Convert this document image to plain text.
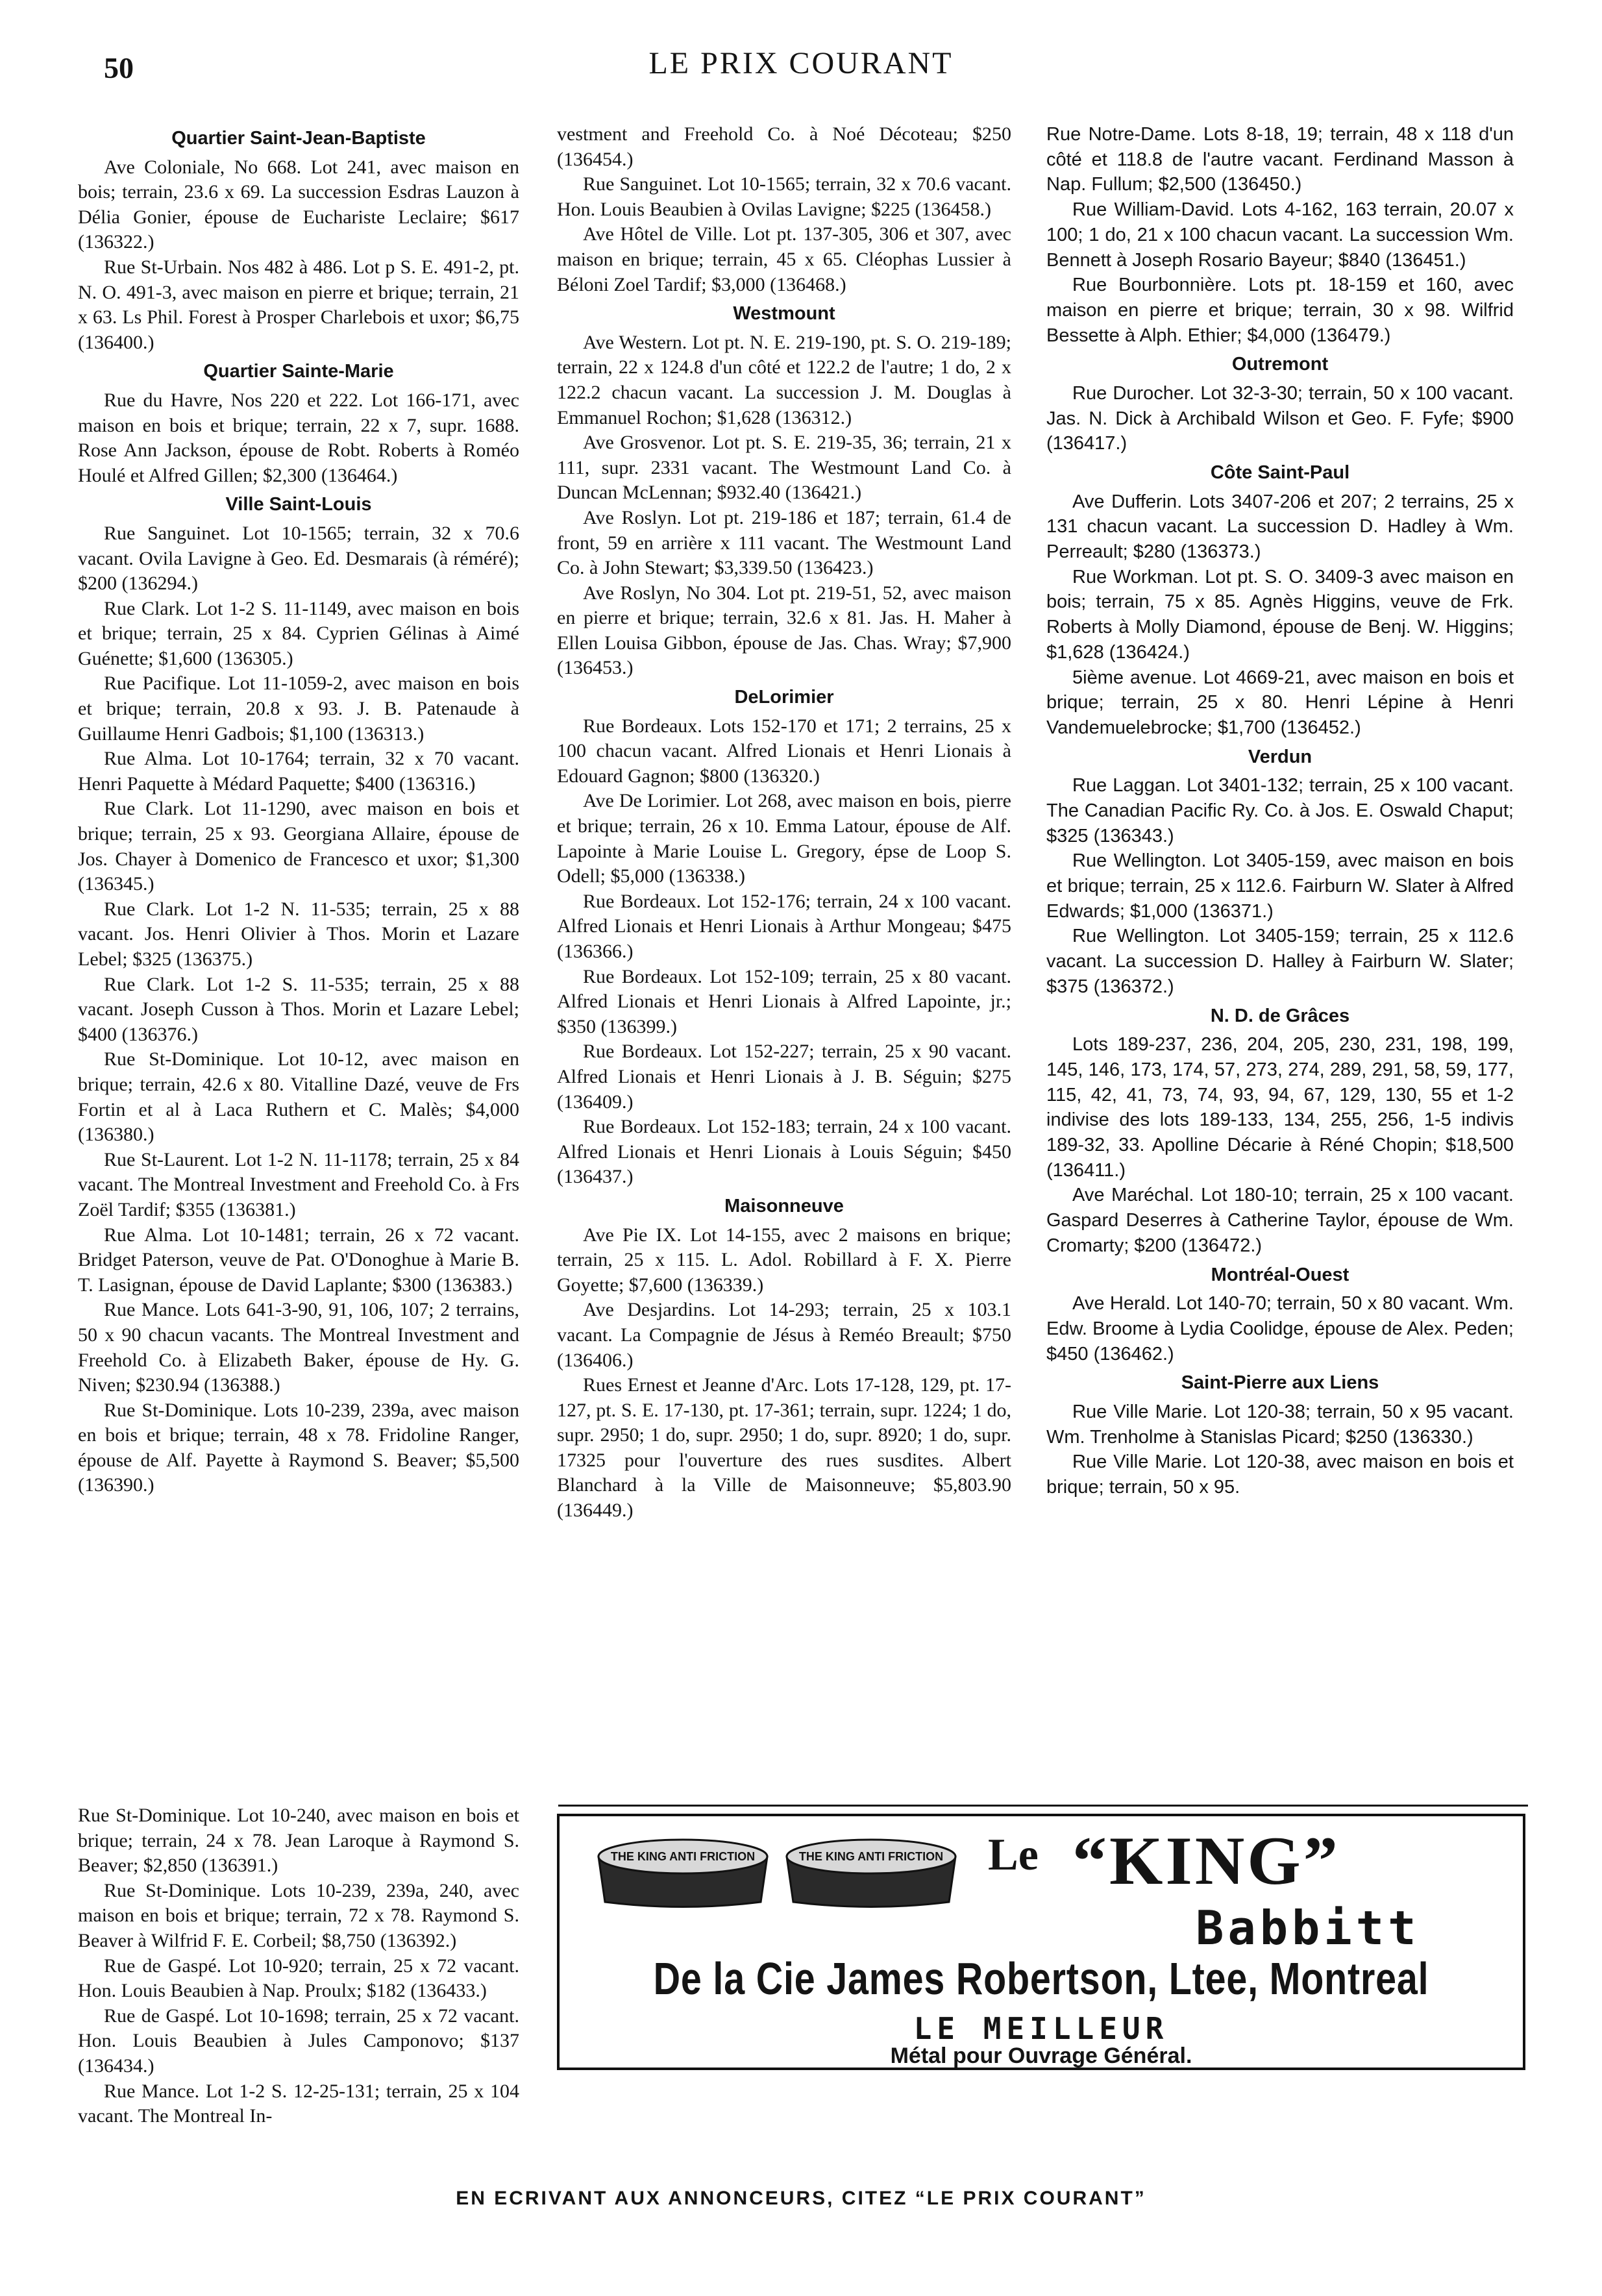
50	LE PRIX COURANT
Quartier Saint-Jean-Baptiste

Ave Coloniale, No 668. Lot 241, avec maison en bois; terrain, 23.6 x 69. La succession Esdras Lauzon à Délia Gonier, épouse de Eucharistе Leclaire; $617 (136322.)

Rue St-Urbain. Nos 482 à 486. Lot p S. E. 491-2, pt. N. O. 491-3, avec maison en pierre et brique; terrain, 21 x 63. Ls Phil. Forest à Prosper Charlebois et uxor; $6,75 (136400.)

Quartier Sainte-Marie

Rue du Havre, Nos 220 et 222. Lot 166-171, avec maison en bois et brique; terrain, 22 x 7, supr. 1688. Rose Ann Jackson, épouse de Robt. Roberts à Roméo Houlé et Alfred Gillen; $2,300 (136464.)

Ville Saint-Louis

Rue Sanguinet. Lot 10-1565; terrain, 32 x 70.6 vacant. Ovila Lavigne à Geo. Ed. Desmarais (à réméré); $200 (136294.)

Rue Clark. Lot 1-2 S. 11-1149, avec maison en bois et brique; terrain, 25 x 84. Cyprien Gélinas à Aimé Guénette; $1,600 (136305.)

Rue Pacifique. Lot 11-1059-2, avec maison en bois et brique; terrain, 20.8 x 93. J. B. Patenaude à Guillaume Henri Gadbois; $1,100 (136313.)

Rue Alma. Lot 10-1764; terrain, 32 x 70 vacant. Henri Paquette à Médard Paquette; $400 (136316.)

Rue Clark. Lot 11-1290, avec maison en bois et brique; terrain, 25 x 93. Georgiana Allaire, épouse de Jos. Chayer à Domenico de Francesco et uxor; $1,300 (136345.)

Rue Clark. Lot 1-2 N. 11-535; terrain, 25 x 88 vacant. Jos. Henri Olivier à Thos. Morin et Lazare Lebel; $325 (136375.)

Rue Clark. Lot 1-2 S. 11-535; terrain, 25 x 88 vacant. Joseph Cusson à Thos. Morin et Lazare Lebel; $400 (136376.)

Rue St-Dominique. Lot 10-12, avec maison en brique; terrain, 42.6 x 80. Vitalline Dazé, veuve de Frs Fortin et al à Laca Ruthern et C. Malès; $4,000 (136380.)

Rue St-Laurent. Lot 1-2 N. 11-1178; terrain, 25 x 84 vacant. The Montreal Investment and Freehold Co. à Frs Zoël Tardif; $355 (136381.)

Rue Alma. Lot 10-1481; terrain, 26 x 72 vacant. Bridget Paterson, veuve de Pat. O'Donoghue à Marie B. T. Lasignan, épouse de David Laplante; $300 (136383.)

Rue Mance. Lots 641-3-90, 91, 106, 107; 2 terrains, 50 x 90 chacun vacants. The Montreal Investment and Freehold Co. à Elizabeth Baker, épouse de Hy. G. Niven; $230.94 (136388.)

Rue St-Dominique. Lots 10-239, 239a, avec maison en bois et brique; terrain, 48 x 78. Fridoline Ranger, épouse de Alf. Payette à Raymond S. Beaver; $5,500 (136390.)

vestment and Freehold Co. à Noé Décoteau; $250 (136454.)

Rue Sanguinet. Lot 10-1565; terrain, 32 x 70.6 vacant. Hon. Louis Beaubien à Ovilas Lavigne; $225 (136458.)

Ave Hôtel de Ville. Lot pt. 137-305, 306 et 307, avec maison en brique; terrain, 45 x 65. Cléophas Lussier à Béloni Zoel Tardif; $3,000 (136468.)

Westmount

Ave Western. Lot pt. N. E. 219-190, pt. S. O. 219-189; terrain, 22 x 124.8 d'un côté et 122.2 de l'autre; 1 do, 2 x 122.2 chacun vacant. La succession J. M. Douglas à Emmanuel Rochon; $1,628 (136312.)

Ave Grosvenor. Lot pt. S. E. 219-35, 36; terrain, 21 x 111, supr. 2331 vacant. The Westmount Land Co. à Duncan McLennan; $932.40 (136421.)

Ave Roslyn. Lot pt. 219-186 et 187; terrain, 61.4 de front, 59 en arrière x 111 vacant. The Westmount Land Co. à John Stewart; $3,339.50 (136423.)

Ave Roslyn, No 304. Lot pt. 219-51, 52, avec maison en pierre et brique; terrain, 32.6 x 81. Jas. H. Maher à Ellen Louisa Gibbon, épouse de Jas. Chas. Wray; $7,900 (136453.)

DeLorimier

Rue Bordeaux. Lots 152-170 et 171; 2 terrains, 25 x 100 chacun vacant. Alfred Lionais et Henri Lionais à Edouard Gagnon; $800 (136320.)

Ave De Lorimier. Lot 268, avec maison en bois, pierre et brique; terrain, 26 x 10. Emma Latour, épouse de Alf. Lapointe à Marie Louise L. Gregory, épse de Loop S. Odell; $5,000 (136338.)

Rue Bordeaux. Lot 152-176; terrain, 24 x 100 vacant. Alfred Lionais et Henri Lionais à Arthur Mongeau; $475 (136366.)

Rue Bordeaux. Lot 152-109; terrain, 25 x 80 vacant. Alfred Lionais et Henri Lionais à Alfred Lapointe, jr.; $350 (136399.)

Rue Bordeaux. Lot 152-227; terrain, 25 x 90 vacant. Alfred Lionais et Henri Lionais à J. B. Séguin; $275 (136409.)

Rue Bordeaux. Lot 152-183; terrain, 24 x 100 vacant. Alfred Lionais et Henri Lionais à Louis Séguin; $450 (136437.)

Maisonneuve

Ave Pie IX. Lot 14-155, avec 2 maisons en brique; terrain, 25 x 115. L. Adol. Robillard à F. X. Pierre Goyette; $7,600 (136339.)

Ave Desjardins. Lot 14-293; terrain, 25 x 103.1 vacant. La Compagnie de Jésus à Reméo Breault; $750 (136406.)

Rues Ernest et Jeanne d'Arc. Lots 17-128, 129, pt. 17-127, pt. S. E. 17-130, pt. 17-361; terrain, supr. 1224; 1 do, supr. 2950; 1 do, supr. 2950; 1 do, supr. 8920; 1 do, supr. 17325 pour l'ouverture des rues susdites. Albert Blanchard à la Ville de Maisonneuve; $5,803.90 (136449.)

Rue Notre-Dame. Lots 8-18, 19; terrain, 48 x 118 d'un côté et 118.8 de l'autre vacant. Ferdinand Masson à Nap. Fullum; $2,500 (136450.)

Rue William-David. Lots 4-162, 163 terrain, 20.07 x 100; 1 do, 21 x 100 chacun vacant. La succession Wm. Bennett à Joseph Rosario Bayeur; $840 (136451.)

Rue Bourbonnière. Lots pt. 18-159 et 160, avec maison en pierre et brique; terrain, 30 x 98. Wilfrid Bessette à Alph. Ethier; $4,000 (136479.)

Outremont

Rue Durocher. Lot 32-3-30; terrain, 50 x 100 vacant. Jas. N. Dick à Archibald Wilson et Geo. F. Fyfe; $900 (136417.)

Côte Saint-Paul

Ave Dufferin. Lots 3407-206 et 207; 2 terrains, 25 x 131 chacun vacant. La succession D. Hadley à Wm. Perreault; $280 (136373.)

Rue Workman. Lot pt. S. O. 3409-3 avec maison en bois; terrain, 75 x 85. Agnès Higgins, veuve de Frk. Roberts à Molly Diamond, épouse de Benj. W. Higgins; $1,628 (136424.)

5ième avenue. Lot 4669-21, avec maison en bois et brique; terrain, 25 x 80. Henri Lépine à Henri Vandemuelebrocke; $1,700 (136452.)

Verdun

Rue Laggan. Lot 3401-132; terrain, 25 x 100 vacant. The Canadian Pacific Ry. Co. à Jos. E. Oswald Chaput; $325 (136343.)

Rue Wellington. Lot 3405-159, avec maison en bois et brique; terrain, 25 x 112.6. Fairburn W. Slater à Alfred Edwards; $1,000 (136371.)

Rue Wellington. Lot 3405-159; terrain, 25 x 112.6 vacant. La succession D. Halley à Fairburn W. Slater; $375 (136372.)

N. D. de Grâces

Lots 189-237, 236, 204, 205, 230, 231, 198, 199, 145, 146, 173, 174, 57, 273, 274, 289, 291, 58, 59, 177, 115, 42, 41, 73, 74, 93, 94, 67, 129, 130, 55 et 1-2 indivise des lots 189-133, 134, 255, 256, 1-5 indivis 189-32, 33. Apolline Décarie à Réné Chopin; $18,500 (136411.)

Ave Maréchal. Lot 180-10; terrain, 25 x 100 vacant. Gaspard Deserres à Catherine Taylor, épouse de Wm. Cromarty; $200 (136472.)

Montréal-Ouest

Ave Herald. Lot 140-70; terrain, 50 x 80 vacant. Wm. Edw. Broome à Lydia Coolidge, épouse de Alex. Peden; $450 (136462.)

Saint-Pierre aux Liens

Rue Ville Marie. Lot 120-38; terrain, 50 x 95 vacant. Wm. Trenholme à Stanislas Picard; $250 (136330.)

Rue Ville Marie. Lot 120-38, avec maison en bois et brique; terrain, 50 x 95.

Rue St-Dominique. Lot 10-240, avec maison en bois et brique; terrain, 24 x 78. Jean Laroque à Raymond S. Beaver; $2,850 (136391.)

Rue St-Dominique. Lots 10-239, 239a, 240, avec maison en bois et brique; terrain, 72 x 78. Raymond S. Beaver à Wilfrid F. E. Corbeil; $8,750 (136392.)

Rue de Gaspé. Lot 10-920; terrain, 25 x 72 vacant. Hon. Louis Beaubien à Nap. Proulx; $182 (136433.)

Rue de Gaspé. Lot 10-1698; terrain, 25 x 72 vacant. Hon. Louis Beaubien à Jules Camponovo; $137 (136434.)

Rue Mance. Lot 1-2 S. 12-25-131; terrain, 25 x 104 vacant. The Montreal In-

THE KING ANTI FRICTION	THE KING ANTI FRICTION Le “KING”
Babbitt
De la Cie James Robertson, Ltee, Montreal
LE MEILLEUR
Métal pour Ouvrage Général.
EN ECRIVANT AUX ANNONCEURS, CITEZ “LE PRIX COURANT”
